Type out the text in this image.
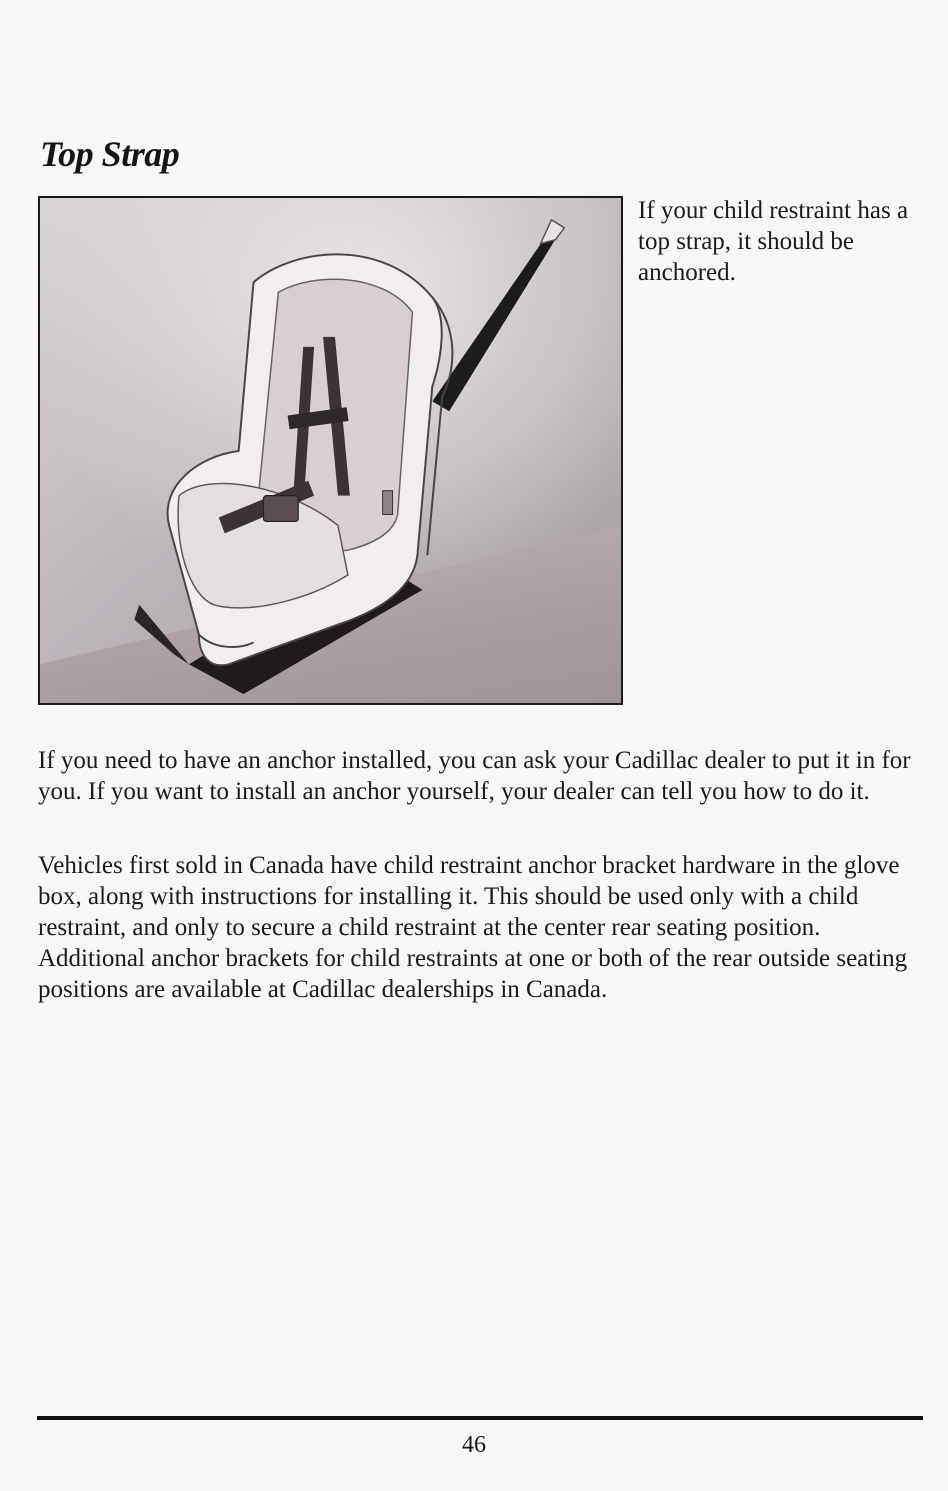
Top Strap

If your child restraint has a top strap, it should be anchored.

If you need to have an anchor installed, you can ask your Cadillac dealer to put it in for you. If you want to install an anchor yourself, your dealer can tell you how to do it.

Vehicles first sold in Canada have child restraint anchor bracket hardware in the glove box, along with instructions for installing it. This should be used only with a child restraint, and only to secure a child restraint at the center rear seating position. Additional anchor brackets for child restraints at one or both of the rear outside seating positions are available at Cadillac dealerships in Canada.

46
